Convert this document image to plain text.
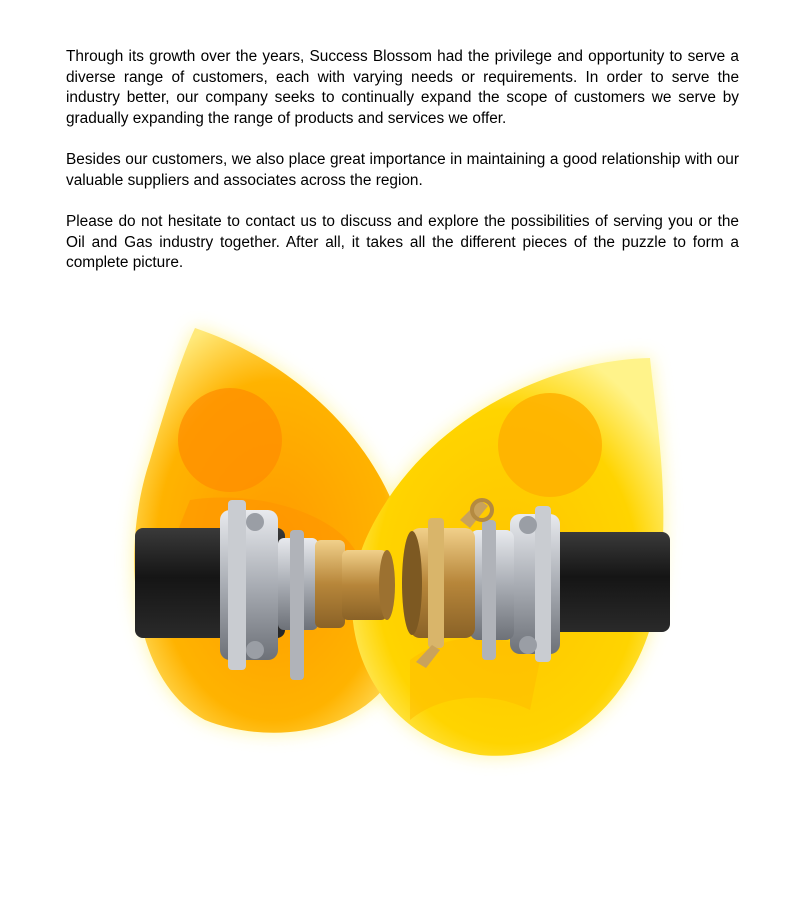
Through its growth over the years, Success Blossom had the privilege and opportunity to serve a diverse range of customers, each with varying needs or requirements. In order to serve the industry better, our company seeks to continually expand the scope of customers we serve by gradually expanding the range of products and services we offer.

Besides our customers, we also place great importance in maintaining a good relationship with our valuable suppliers and associates across the region.

Please do not hesitate to contact us to discuss and explore the possibilities of serving you or the Oil and Gas industry together. After all, it takes all the different pieces of the puzzle to form a complete picture.
